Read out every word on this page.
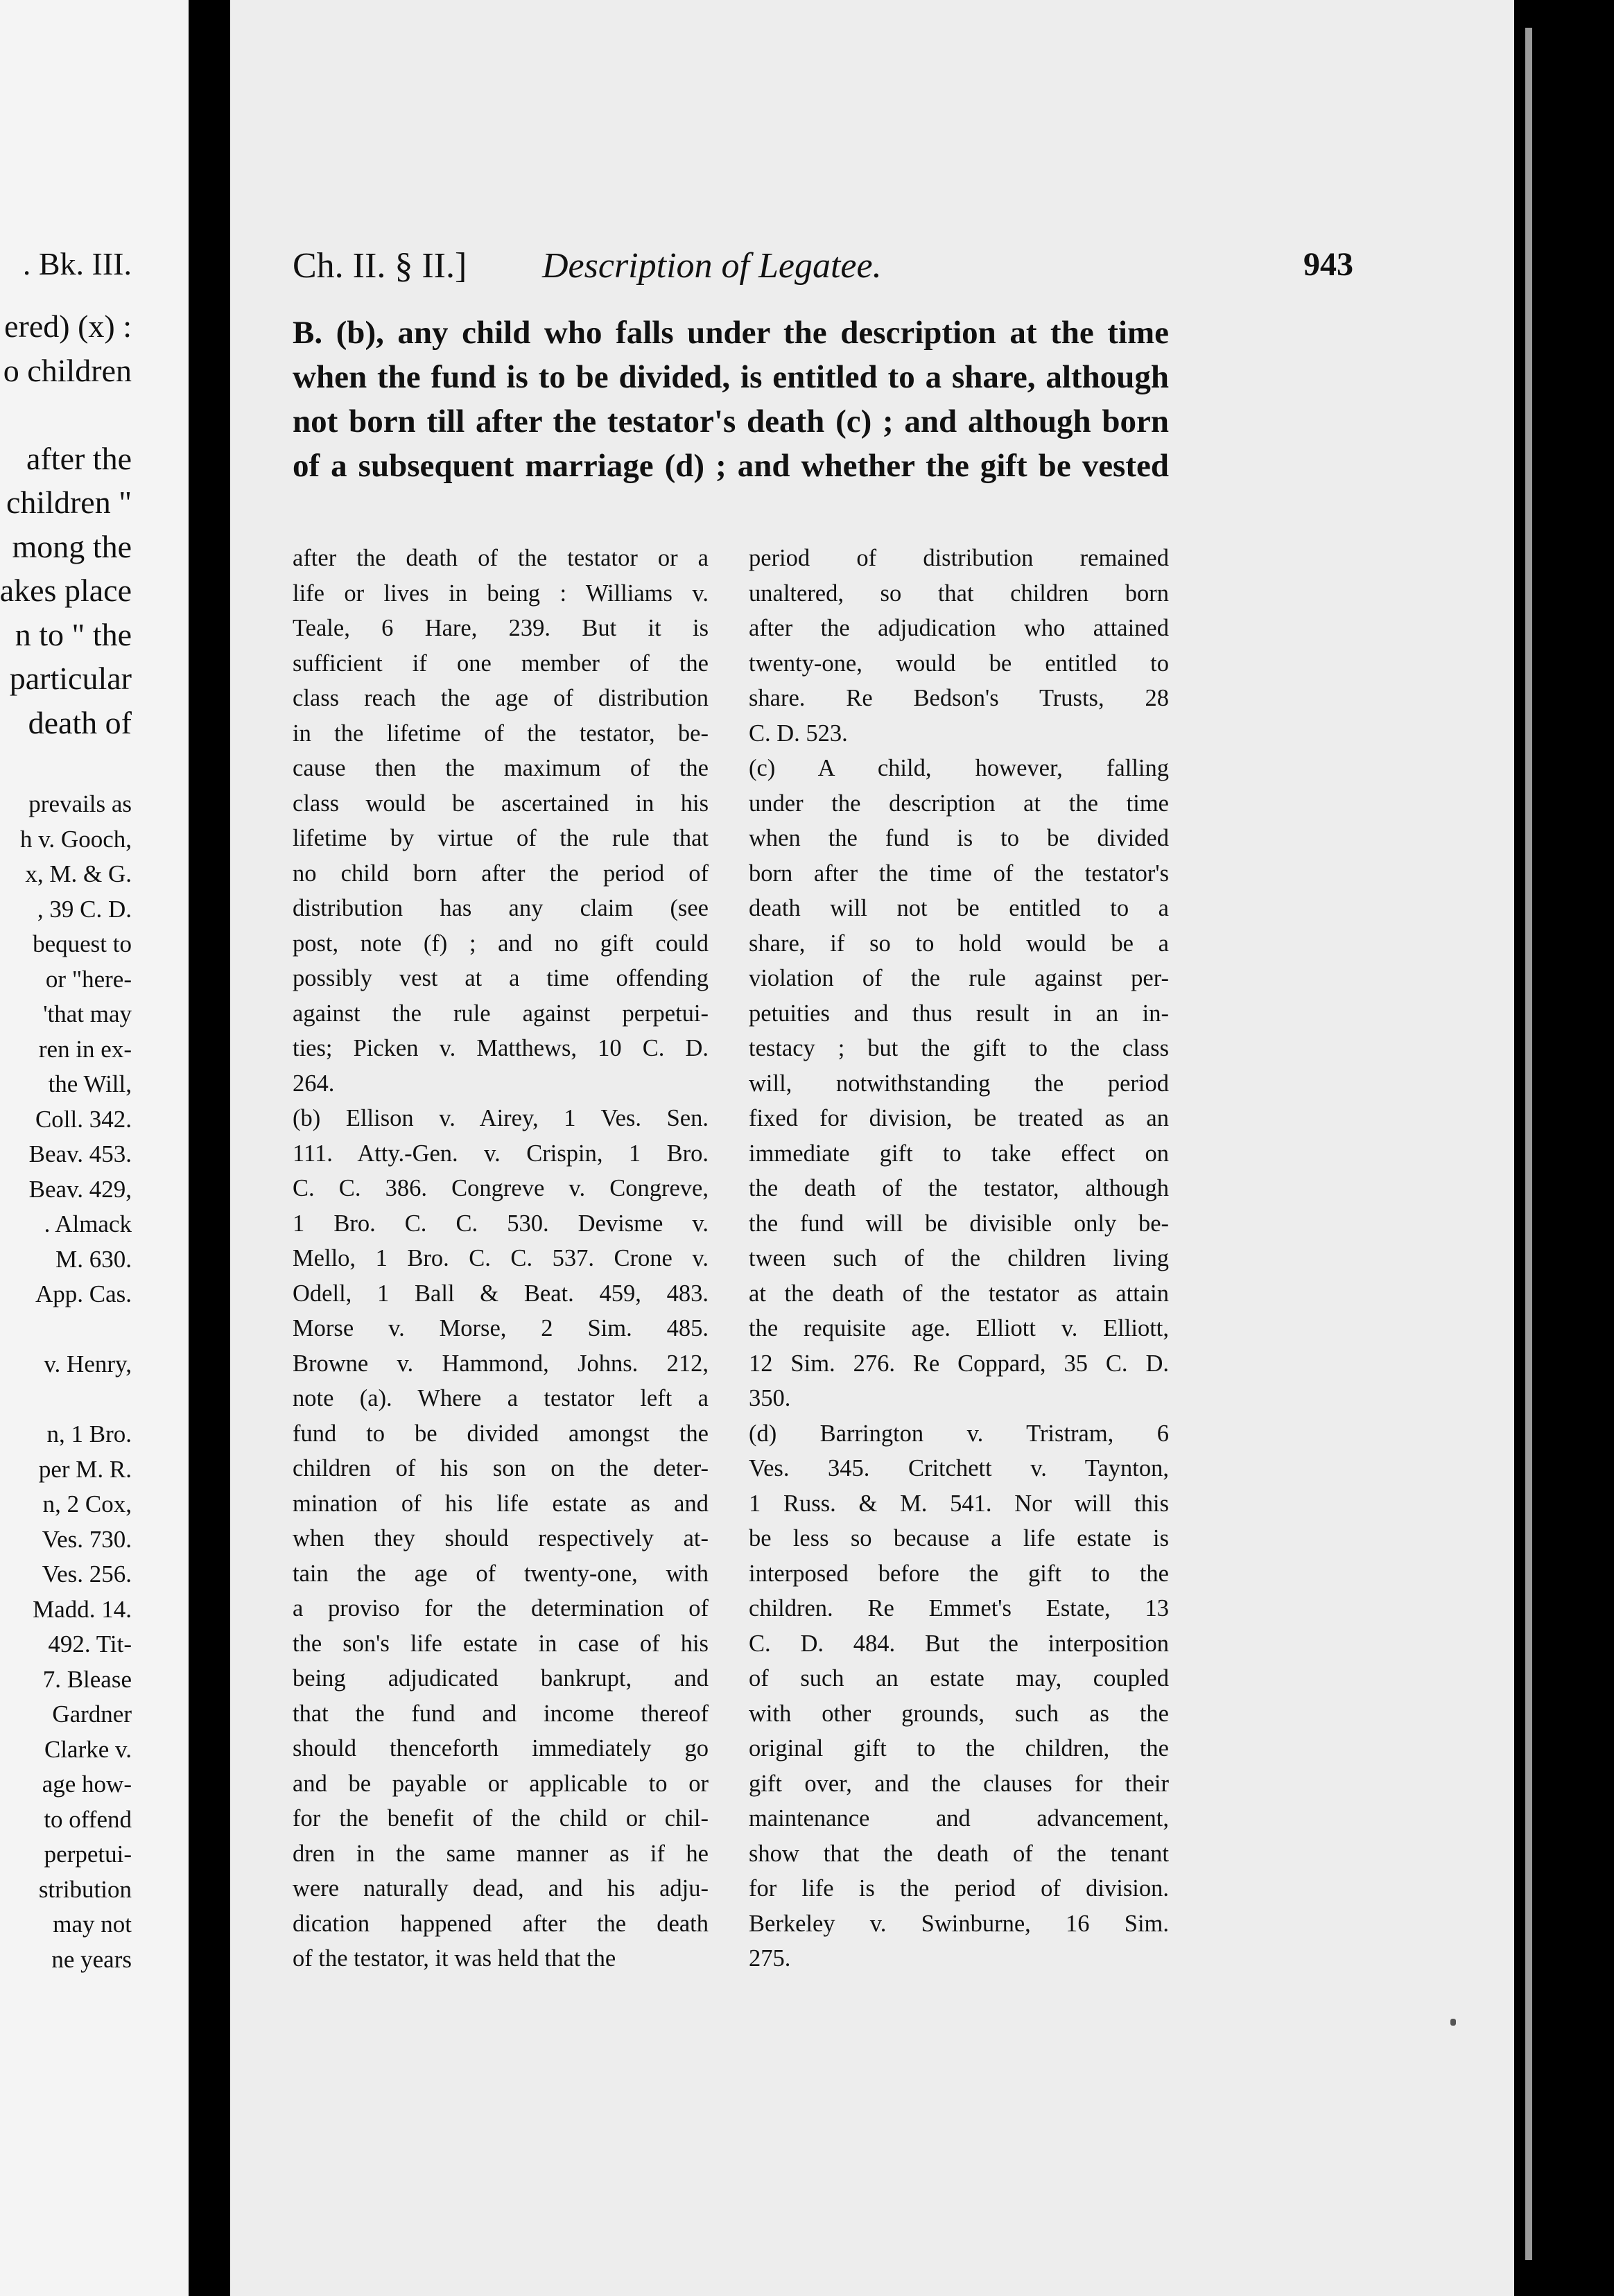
. Bk. III.
ered) (x) :
o children
after the
children "
mong the
akes place
n to " the
particular
death of
prevails as
h v. Gooch,
x, M. & G.
, 39 C. D.
bequest to
or "here-
'that may
ren in ex-
the Will,
Coll. 342.
Beav. 453.
Beav. 429,
. Almack
M. 630.
App. Cas.
v. Henry,
n, 1 Bro.
per M. R.
n, 2 Cox,
Ves. 730.
Ves. 256.
Madd. 14.
492. Tit-
7. Blease
Gardner
Clarke v.
age how-
to offend
perpetui-
stribution
may not
ne years
Ch. II. § II.] Description of Legatee.	943
B. (b), any child who falls under the description at the time
when the fund is to be divided, is entitled to a share, although
not born till after the testator's death (c) ; and although born
of a subsequent marriage (d) ; and whether the gift be vested
after the death of the testator or a
life or lives in being : Williams v.
Teale, 6 Hare, 239. But it is
sufficient if one member of the
class reach the age of distribution
in the lifetime of the testator, be-
cause then the maximum of the
class would be ascertained in his
lifetime by virtue of the rule that
no child born after the period of
distribution has any claim (see
post, note (f) ; and no gift could
possibly vest at a time offending
against the rule against perpetui-
ties; Picken v. Matthews, 10 C. D.
264.
(b) Ellison v. Airey, 1 Ves. Sen.
111. Atty.-Gen. v. Crispin, 1 Bro.
C. C. 386. Congreve v. Congreve,
1 Bro. C. C. 530. Devisme v.
Mello, 1 Bro. C. C. 537. Crone v.
Odell, 1 Ball & Beat. 459, 483.
Morse v. Morse, 2 Sim. 485.
Browne v. Hammond, Johns. 212,
note (a). Where a testator left a
fund to be divided amongst the
children of his son on the deter-
mination of his life estate as and
when they should respectively at-
tain the age of twenty-one, with
a proviso for the determination of
the son's life estate in case of his
being adjudicated bankrupt, and
that the fund and income thereof
should thenceforth immediately go
and be payable or applicable to or
for the benefit of the child or chil-
dren in the same manner as if he
were naturally dead, and his adju-
dication happened after the death
of the testator, it was held that the
period of distribution remained
unaltered, so that children born
after the adjudication who attained
twenty-one, would be entitled to
share. Re Bedson's Trusts, 28
C. D. 523.
(c) A child, however, falling
under the description at the time
when the fund is to be divided
born after the time of the testator's
death will not be entitled to a
share, if so to hold would be a
violation of the rule against per-
petuities and thus result in an in-
testacy ; but the gift to the class
will, notwithstanding the period
fixed for division, be treated as an
immediate gift to take effect on
the death of the testator, although
the fund will be divisible only be-
tween such of the children living
at the death of the testator as attain
the requisite age. Elliott v. Elliott,
12 Sim. 276. Re Coppard, 35 C. D.
350.
(d) Barrington v. Tristram, 6
Ves. 345. Critchett v. Taynton,
1 Russ. & M. 541. Nor will this
be less so because a life estate is
interposed before the gift to the
children. Re Emmet's Estate, 13
C. D. 484. But the interposition
of such an estate may, coupled
with other grounds, such as the
original gift to the children, the
gift over, and the clauses for their
maintenance and advancement,
show that the death of the tenant
for life is the period of division.
Berkeley v. Swinburne, 16 Sim.
275.
